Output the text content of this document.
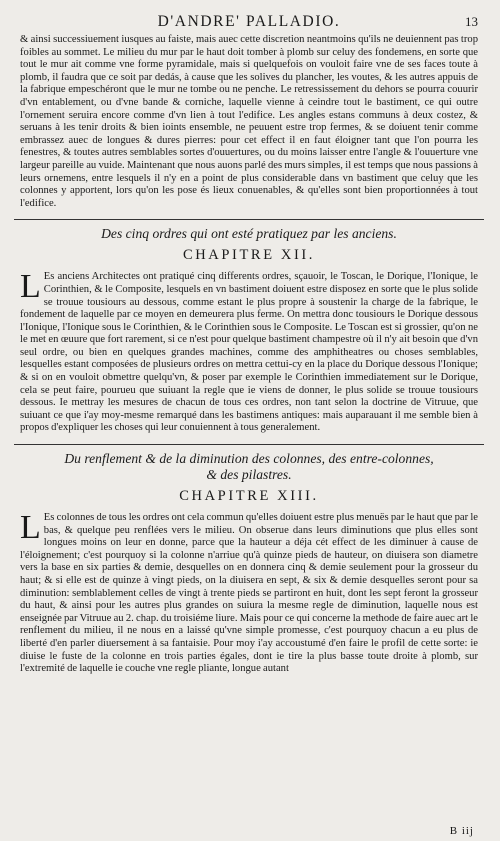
D'ANDRE' PALLADIO.	13

& ainsi successiuement iusques au faiste, mais auec cette discretion neantmoins qu'ils ne deuiennent pas trop foibles au sommet. Le milieu du mur par le haut doit tomber à plomb sur celuy des fondemens, en sorte que tout le mur ait comme vne forme pyramidale, mais si quelquefois on vouloit faire vne de ses faces toute à plomb, il faudra que ce soit par dedás, à cause que les solives du plancher, les voutes, & les autres appuis de la fabrique empeschéront que le mur ne tombe ou ne penche. Le retressissement du dehors se pourra couurir d'vn entablement, ou d'vne bande & corniche, laquelle vienne à ceindre tout le bastiment, ce qui outre l'ornement seruira encore comme d'vn lien à tout l'edifice. Les angles estans communs à deux costez, & seruans à les tenir droits & bien ioints ensemble, ne peuuent estre trop fermes, & se doiuent tenir comme embrassez auec de longues & dures pierres: pour cet effect il en faut éloigner tant que l'on pourra les fenestres, & toutes autres semblables sortes d'ouuertures, ou du moins laisser entre l'angle & l'ouuerture vne largeur pareille au vuide. Maintenant que nous auons parlé des murs simples, il est temps que nous passions à leurs ornemens, entre lesquels il n'y en a point de plus considerable dans vn bastiment que celuy que les colonnes y apportent, lors qu'on les pose és lieux conuenables, & qu'elles sont bien proportionnées à tout l'edifice.

Des cinq ordres qui ont esté pratiquez par les anciens.

CHAPITRE XII.
L Es anciens Architectes ont pratiqué cinq differents ordres, sçauoir, le Toscan, le Dorique, l'Ionique, le Corinthien, & le Composite, lesquels en vn bastiment doiuent estre disposez en sorte que le plus solide se trouue tousiours au dessous, comme estant le plus propre à soustenir la charge de la fabrique, le fondement de laquelle par ce moyen en demeurera plus ferme. On mettra donc tousiours le Dorique dessous l'Ionique, l'Ionique sous le Corinthien, & le Corinthien sous le Composite. Le Toscan est si grossier, qu'on ne le met en œuure que fort rarement, si ce n'est pour quelque bastiment champestre où il n'y ait besoin que d'vn seul ordre, ou bien en quelques grandes machines, comme des amphitheatres ou choses semblables, lesquelles estant composées de plusieurs ordres on mettra cettui-cy en la place du Dorique dessous l'Ionique; & si on en vouloit obmettre quelqu'vn, & poser par exemple le Corinthien immediatement sur le Dorique, cela se peut faire, pourueu que suiuant la regle que ie viens de donner, le plus solide se trouue tousiours dessous. Ie mettray les mesures de chacun de tous ces ordres, non tant selon la doctrine de Vitruue, que suiuant ce que i'ay moy-mesme remarqué dans les bastimens antiques: mais auparauant il me semble bien à propos d'expliquer les choses qui leur conuiennent à tous generalement.

Du renflement & de la diminution des colonnes, des entre-colonnes,

& des pilastres.

CHAPITRE XIII.
L Es colonnes de tous les ordres ont cela commun qu'elles doiuent estre plus menuës par le haut que par le bas, & quelque peu renflées vers le milieu. On obserue dans leurs diminutions que plus elles sont longues moins on leur en donne, parce que la hauteur a déja cét effect de les diminuer à cause de l'éloignement; c'est pourquoy si la colonne n'arriue qu'à quinze pieds de hauteur, on diuisera son diametre vers la base en six parties & demie, desquelles on en donnera cinq & demie seulement pour la grosseur du haut; & si elle est de quinze à vingt pieds, on la diuisera en sept, & six & demie desquelles seront pour sa diminution: semblablement celles de vingt à trente pieds se partiront en huit, dont les sept feront la grosseur du haut, & ainsi pour les autres plus grandes on suiura la mesme regle de diminution, laquelle nous est enseignée par Vitruue au 2. chap. du troisiéme liure. Mais pour ce qui concerne la methode de faire auec art le renflement du milieu, il ne nous en a laissé qu'vne simple promesse, c'est pourquoy chacun a eu plus de liberté d'en parler diuersement à sa fantaisie. Pour moy i'ay accoustumé d'en faire le profil de cette sorte: ie diuise le fuste de la colonne en trois parties égales, dont ie tire la plus basse toute droite à plomb, sur l'extremité de laquelle ie couche vne regle pliante, longue autant

B iij
